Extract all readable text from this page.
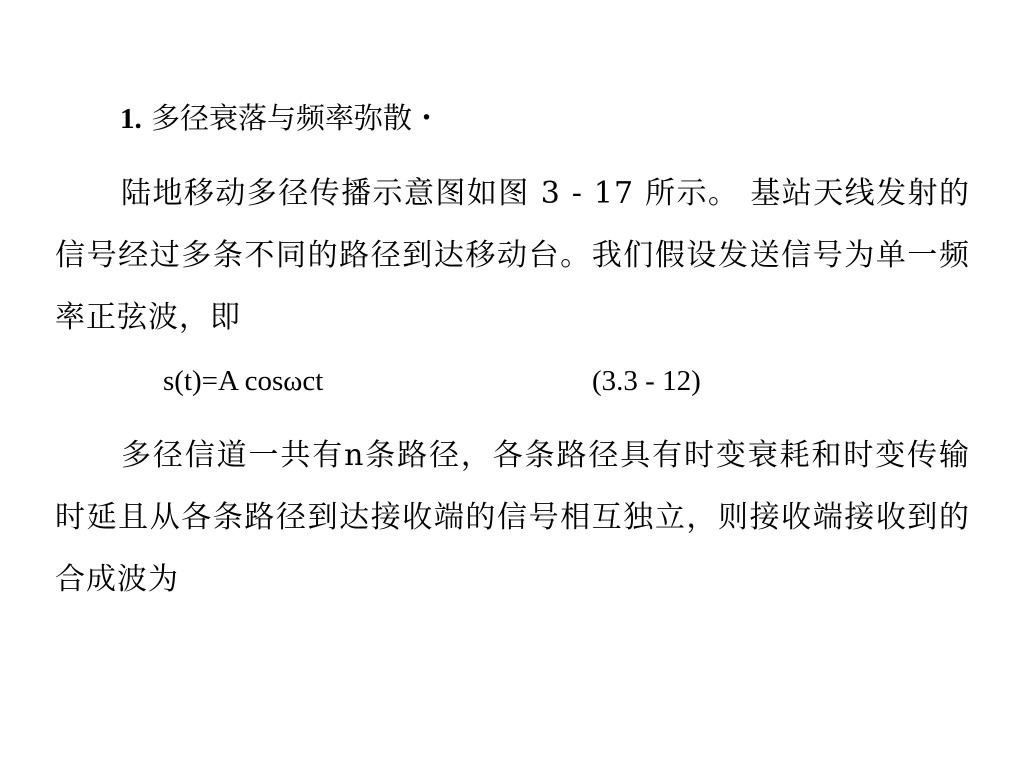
1. 多径衰落与频率弥散・
陆地移动多径传播示意图如图 3 - 17 所示。 基站天线发射的信号经过多条不同的路径到达移动台。我们假设发送信号为单一频率正弦波，即
s(t)=A cosωct	(3.3 - 12)
多径信道一共有n条路径，各条路径具有时变衰耗和时变传输时延且从各条路径到达接收端的信号相互独立，则接收端接收到的合成波为
